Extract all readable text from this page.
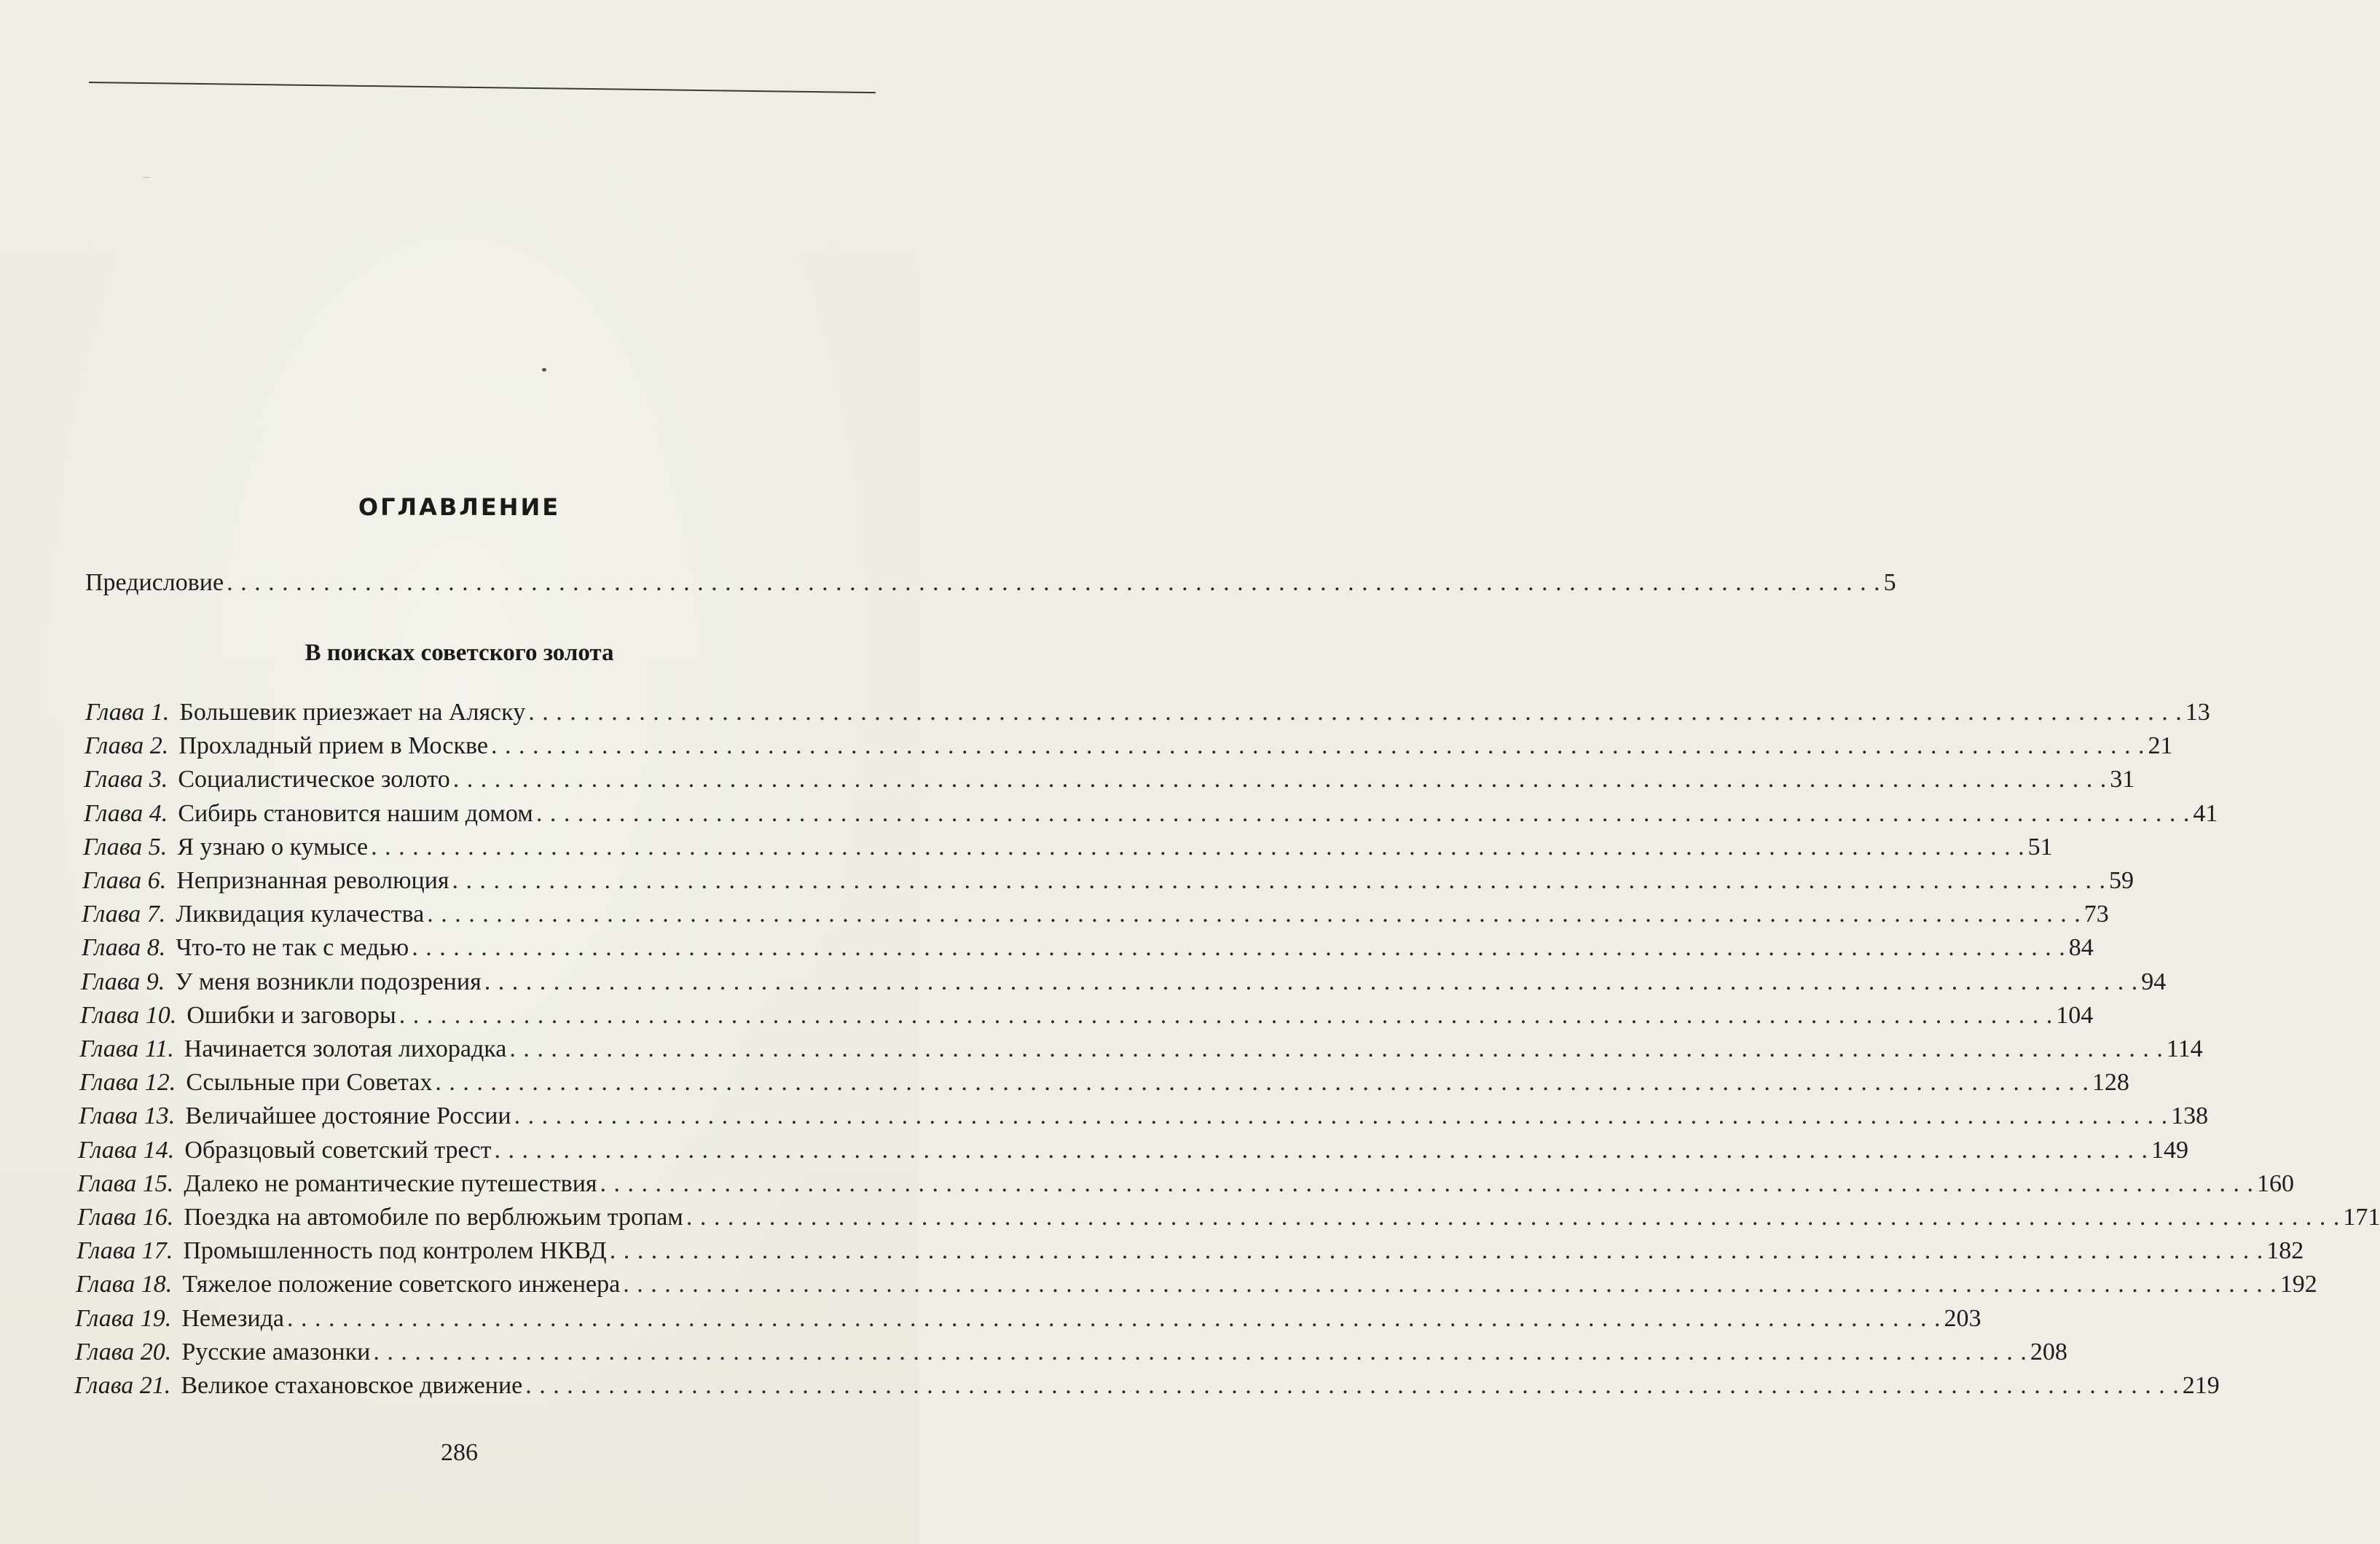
ОГЛАВЛЕНИЕ
Предисловие . . . . . . . . . . . . . . . . . . . . . . . . . . . . . . . . . . . . . . . . . . . . . . . . . . . . . . . . . . . . . . . . . . . . . . . . . . . . . . . . . . . . . . . . . . . . . . . . . . . . . . . . . . . . . . . . . . . . . . . . 5
В поисках советского золота
Глава 1. Большевик приезжает на Аляску . . . . . . . . . . . . . . . . . . . . . . . . . . . . . . . . . . . . . . . . . . . . . . . . . . . . . . . . . . . . . . . . . . . . . . . . . . . . . . . . . . . . . . . . . . . . . . . . . . . . . . . . . . . . . . . . . . . . . . . . 13
Глава 2. Прохладный прием в Москве . . . . . . . . . . . . . . . . . . . . . . . . . . . . . . . . . . . . . . . . . . . . . . . . . . . . . . . . . . . . . . . . . . . . . . . . . . . . . . . . . . . . . . . . . . . . . . . . . . . . . . . . . . . . . . . . . . . . . . . . 21
Глава 3. Социалистическое золото . . . . . . . . . . . . . . . . . . . . . . . . . . . . . . . . . . . . . . . . . . . . . . . . . . . . . . . . . . . . . . . . . . . . . . . . . . . . . . . . . . . . . . . . . . . . . . . . . . . . . . . . . . . . . . . . . . . . . . . . 31
Глава 4. Сибирь становится нашим домом . . . . . . . . . . . . . . . . . . . . . . . . . . . . . . . . . . . . . . . . . . . . . . . . . . . . . . . . . . . . . . . . . . . . . . . . . . . . . . . . . . . . . . . . . . . . . . . . . . . . . . . . . . . . . . . . . . . . . . . . 41
Глава 5. Я узнаю о кумысе . . . . . . . . . . . . . . . . . . . . . . . . . . . . . . . . . . . . . . . . . . . . . . . . . . . . . . . . . . . . . . . . . . . . . . . . . . . . . . . . . . . . . . . . . . . . . . . . . . . . . . . . . . . . . . . . . . . . . . . . 51
Глава 6. Непризнанная революция . . . . . . . . . . . . . . . . . . . . . . . . . . . . . . . . . . . . . . . . . . . . . . . . . . . . . . . . . . . . . . . . . . . . . . . . . . . . . . . . . . . . . . . . . . . . . . . . . . . . . . . . . . . . . . . . . . . . . . . . 59
Глава 7. Ликвидация кулачества . . . . . . . . . . . . . . . . . . . . . . . . . . . . . . . . . . . . . . . . . . . . . . . . . . . . . . . . . . . . . . . . . . . . . . . . . . . . . . . . . . . . . . . . . . . . . . . . . . . . . . . . . . . . . . . . . . . . . . . . 73
Глава 8. Что-то не так с медью . . . . . . . . . . . . . . . . . . . . . . . . . . . . . . . . . . . . . . . . . . . . . . . . . . . . . . . . . . . . . . . . . . . . . . . . . . . . . . . . . . . . . . . . . . . . . . . . . . . . . . . . . . . . . . . . . . . . . . . . 84
Глава 9. У меня возникли подозрения . . . . . . . . . . . . . . . . . . . . . . . . . . . . . . . . . . . . . . . . . . . . . . . . . . . . . . . . . . . . . . . . . . . . . . . . . . . . . . . . . . . . . . . . . . . . . . . . . . . . . . . . . . . . . . . . . . . . . . . . 94
Глава 10. Ошибки и заговоры . . . . . . . . . . . . . . . . . . . . . . . . . . . . . . . . . . . . . . . . . . . . . . . . . . . . . . . . . . . . . . . . . . . . . . . . . . . . . . . . . . . . . . . . . . . . . . . . . . . . . . . . . . . . . . . . . . . . . . . . 104
Глава 11. Начинается золотая лихорадка . . . . . . . . . . . . . . . . . . . . . . . . . . . . . . . . . . . . . . . . . . . . . . . . . . . . . . . . . . . . . . . . . . . . . . . . . . . . . . . . . . . . . . . . . . . . . . . . . . . . . . . . . . . . . . . . . . . . . . . . 114
Глава 12. Ссыльные при Советах . . . . . . . . . . . . . . . . . . . . . . . . . . . . . . . . . . . . . . . . . . . . . . . . . . . . . . . . . . . . . . . . . . . . . . . . . . . . . . . . . . . . . . . . . . . . . . . . . . . . . . . . . . . . . . . . . . . . . . . . 128
Глава 13. Величайшее достояние России . . . . . . . . . . . . . . . . . . . . . . . . . . . . . . . . . . . . . . . . . . . . . . . . . . . . . . . . . . . . . . . . . . . . . . . . . . . . . . . . . . . . . . . . . . . . . . . . . . . . . . . . . . . . . . . . . . . . . . . . 138
Глава 14. Образцовый советский трест . . . . . . . . . . . . . . . . . . . . . . . . . . . . . . . . . . . . . . . . . . . . . . . . . . . . . . . . . . . . . . . . . . . . . . . . . . . . . . . . . . . . . . . . . . . . . . . . . . . . . . . . . . . . . . . . . . . . . . . . 149
Глава 15. Далеко не романтические путешествия . . . . . . . . . . . . . . . . . . . . . . . . . . . . . . . . . . . . . . . . . . . . . . . . . . . . . . . . . . . . . . . . . . . . . . . . . . . . . . . . . . . . . . . . . . . . . . . . . . . . . . . . . . . . . . . . . . . . . . . . 160
Глава 16. Поездка на автомобиле по верблюжьим тропам . . . . . . . . . . . . . . . . . . . . . . . . . . . . . . . . . . . . . . . . . . . . . . . . . . . . . . . . . . . . . . . . . . . . . . . . . . . . . . . . . . . . . . . . . . . . . . . . . . . . . . . . . . . . . . . . . . . . . . . . 171
Глава 17. Промышленность под контролем НКВД . . . . . . . . . . . . . . . . . . . . . . . . . . . . . . . . . . . . . . . . . . . . . . . . . . . . . . . . . . . . . . . . . . . . . . . . . . . . . . . . . . . . . . . . . . . . . . . . . . . . . . . . . . . . . . . . . . . . . . . . 182
Глава 18. Тяжелое положение советского инженера . . . . . . . . . . . . . . . . . . . . . . . . . . . . . . . . . . . . . . . . . . . . . . . . . . . . . . . . . . . . . . . . . . . . . . . . . . . . . . . . . . . . . . . . . . . . . . . . . . . . . . . . . . . . . . . . . . . . . . . . 192
Глава 19. Немезида . . . . . . . . . . . . . . . . . . . . . . . . . . . . . . . . . . . . . . . . . . . . . . . . . . . . . . . . . . . . . . . . . . . . . . . . . . . . . . . . . . . . . . . . . . . . . . . . . . . . . . . . . . . . . . . . . . . . . . . . 203
Глава 20. Русские амазонки . . . . . . . . . . . . . . . . . . . . . . . . . . . . . . . . . . . . . . . . . . . . . . . . . . . . . . . . . . . . . . . . . . . . . . . . . . . . . . . . . . . . . . . . . . . . . . . . . . . . . . . . . . . . . . . . . . . . . . . . 208
Глава 21. Великое стахановское движение . . . . . . . . . . . . . . . . . . . . . . . . . . . . . . . . . . . . . . . . . . . . . . . . . . . . . . . . . . . . . . . . . . . . . . . . . . . . . . . . . . . . . . . . . . . . . . . . . . . . . . . . . . . . . . . . . . . . . . . . 219
286
